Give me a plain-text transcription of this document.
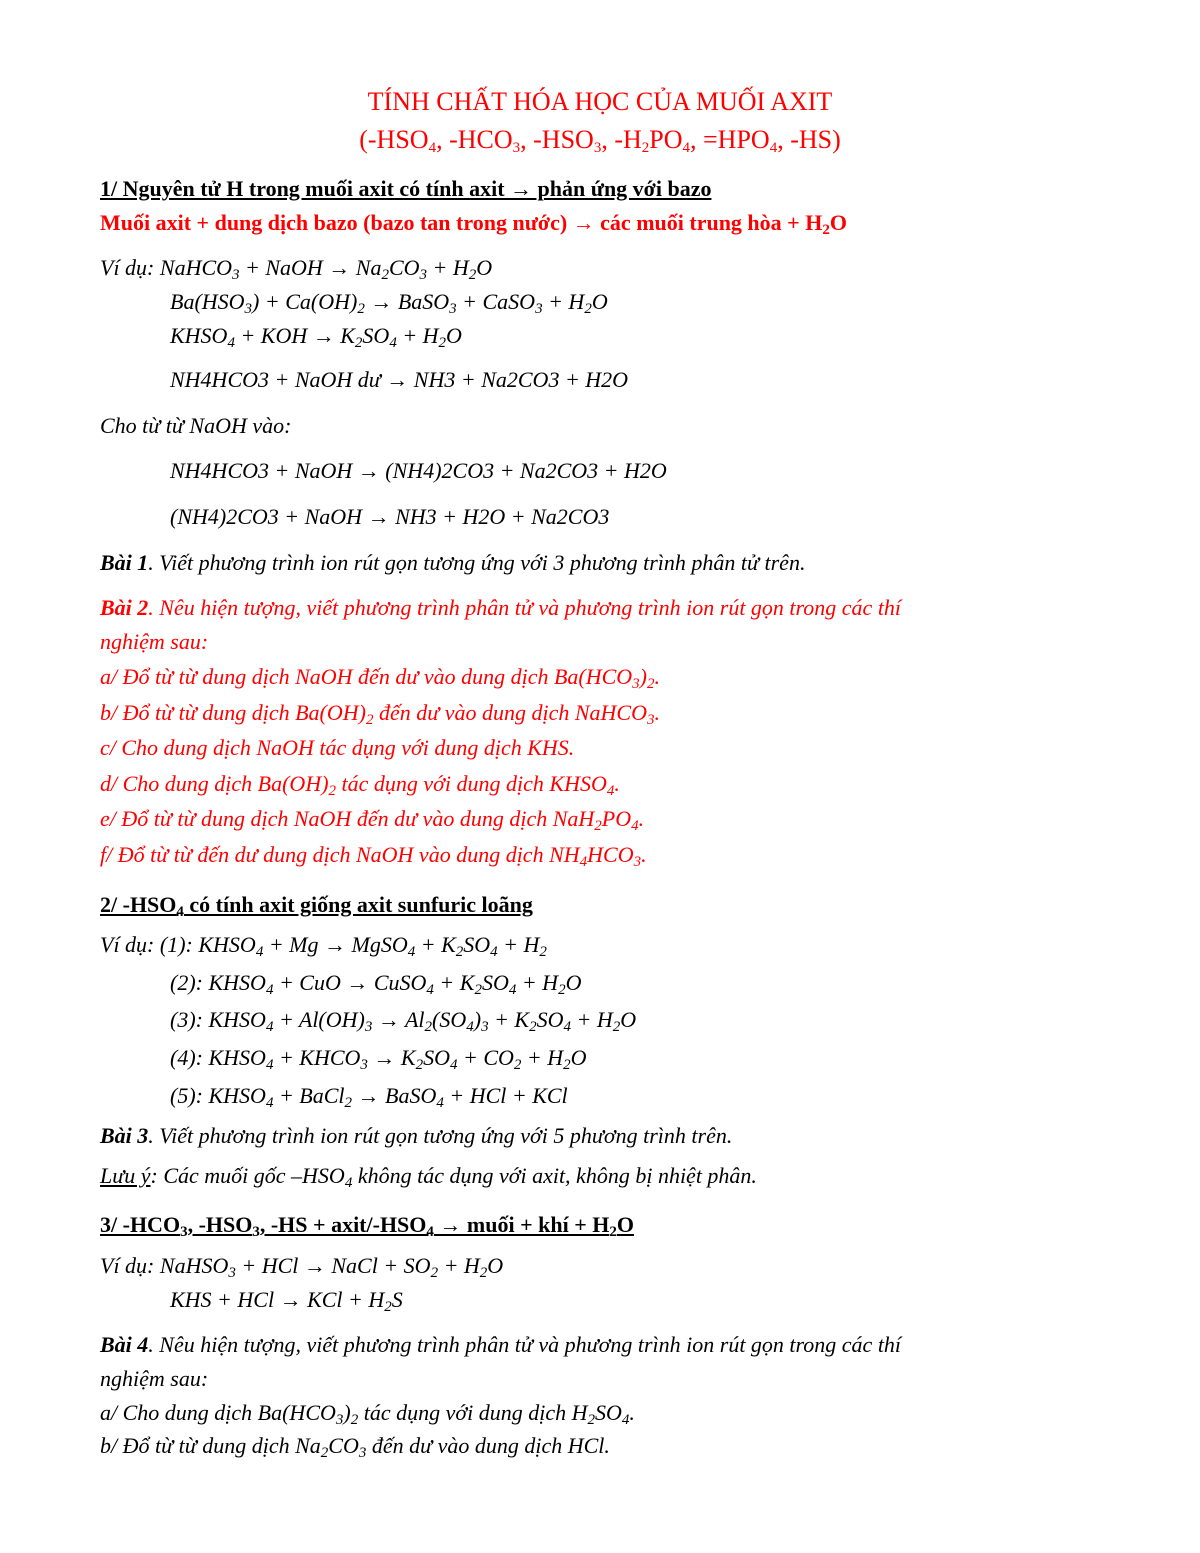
TÍNH CHẤT HÓA HỌC CỦA MUỐI AXIT
($-HSO_4$, $-HCO_3$, $-HSO_3$, $-H_2PO_4$, $=HPO_4$, -HS)
1/ Nguyên tử H trong muối axit có tính axit → phản ứng với bazo
Muối axit + dung dịch bazo (bazo tan trong nước) → các muối trung hòa + $H_2O$
Ví dụ: NaHCO$_3$ + NaOH → $Na_2CO_3 + H_2O$
$Ba(HSO_3) + Ca(OH)_2$ → BaSO$_3$ + CaSO$_3$ + $H_2O$
$KHSO_4$ + KOH → $K_2SO_4 + H_2O$
NH4HCO3 + NaOH dư → NH3 + Na2CO3 + H2O
Cho từ từ NaOH vào:
NH4HCO3 + NaOH → (NH4)2CO3 + Na2CO3 + H2O
(NH4)2CO3 + NaOH → NH3 + H2O + Na2CO3
Bài 1. Viết phương trình ion rút gọn tương ứng với 3 phương trình phân tử trên.
Bài 2. Nêu hiện tượng, viết phương trình phân tử và phương trình ion rút gọn trong các thí
nghiệm sau:
a/ Đổ từ từ dung dịch NaOH đến dư vào dung dịch $Ba(HCO_3)_2$.
b/ Đổ từ từ dung dịch $Ba(OH)_2$ đến dư vào dung dịch NaHCO$_3$.
c/ Cho dung dịch NaOH tác dụng với dung dịch KHS.
d/ Cho dung dịch $Ba(OH)_2$ tác dụng với dung dịch $KHSO_4$.
e/ Đổ từ từ dung dịch NaOH đến dư vào dung dịch $NaH_2PO_4$.
f/ Đổ từ từ đến dư dung dịch NaOH vào dung dịch $NH_4HCO_3$.
2/ $-HSO_4$ có tính axit giống axit sunfuric loãng
Ví dụ: (1): $KHSO_4 + Mg$ → MgSO$_4$ + $K_2SO_4 + H_2$
(2): $KHSO_4$ + CuO → CuSO$_4$ + $K_2SO_4 + H_2O$
(3): $KHSO_4 + Al(OH)_3 \to Al_2(SO_4)_3 + K_2SO_4 + H_2O$
(4): $KHSO_4$ + $KHCO_3 \to K_2SO_4 + CO_2 + H_2O$
(5): $KHSO_4$ + BaCl$_2$ → BaSO$_4$ + HCl + KCl
Bài 3. Viết phương trình ion rút gọn tương ứng với 5 phương trình trên.
Lưu ý: Các muối gốc $-HSO_4$ không tác dụng với axit, không bị nhiệt phân.
3/ $-HCO_3$, $-HSO_3$, -HS + axit/$-HSO_4$ → muối + khí + $H_2O$
Ví dụ: NaHSO$_3$ + HCl → NaCl + $SO_2 + H_2O$
KHS + HCl → KCl + $H_2S$
Bài 4. Nêu hiện tượng, viết phương trình phân tử và phương trình ion rút gọn trong các thí
nghiệm sau:
a/ Cho dung dịch $Ba(HCO_3)_2$ tác dụng với dung dịch $H_2SO_4$.
b/ Đổ từ từ dung dịch $Na_2CO_3$ đến dư vào dung dịch HCl.
